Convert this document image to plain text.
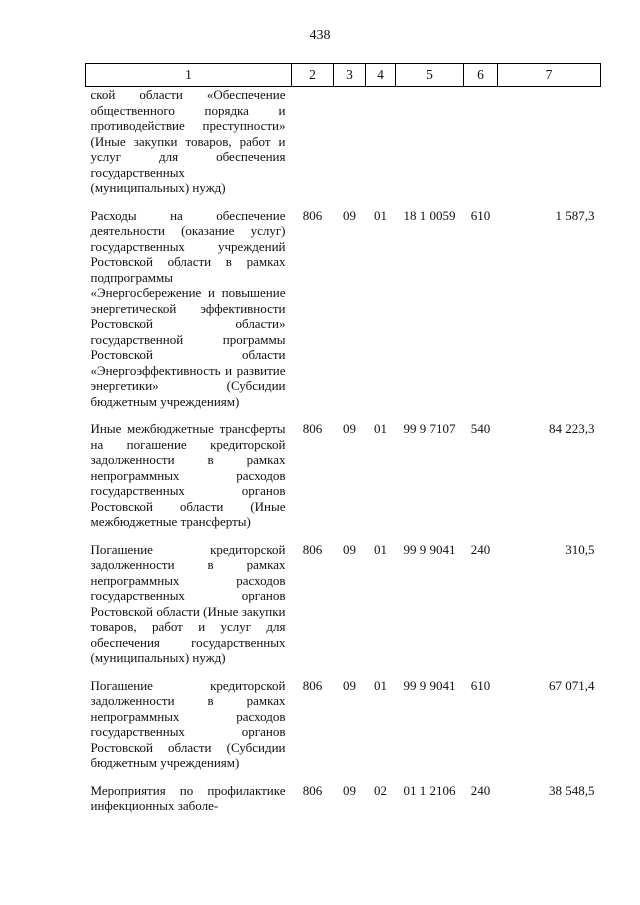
438
1	2	3	4	5	6	7
ской области «Обеспечение общественного порядка и противодействие преступности» (Иные закупки товаров, работ и услуг для обеспечения государственных (муниципальных) нужд)						
Расходы на обеспечение деятельности (оказание услуг) государственных учреждений Ростовской области в рамках подпрограммы «Энергосбережение и повышение энергетической эффективности Ростовской области» государственной программы Ростовской области «Энергоэффективность и развитие энергетики» (Субсидии бюджетным учреждениям)	806	09	01	18 1 0059	610	1 587,3
Иные межбюджетные трансферты на погашение кредиторской задолженности в рамках непрограммных расходов государственных органов Ростовской области (Иные межбюджетные трансферты)	806	09	01	99 9 7107	540	84 223,3
Погашение кредиторской задолженности в рамках непрограммных расходов государственных органов Ростовской области (Иные закупки товаров, работ и услуг для обеспечения государственных (муниципальных) нужд)	806	09	01	99 9 9041	240	310,5
Погашение кредиторской задолженности в рамках непрограммных расходов государственных органов Ростовской области (Субсидии бюджетным учреждениям)	806	09	01	99 9 9041	610	67 071,4
Мероприятия по профилактике инфекционных заболе-	806	09	02	01 1 2106	240	38 548,5
